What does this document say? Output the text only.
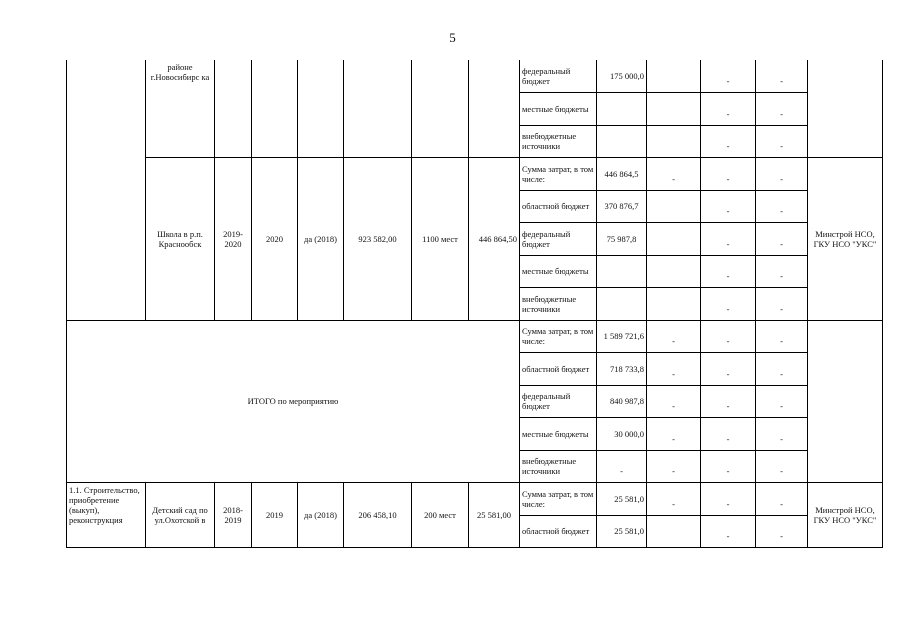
5
	районе г.Новосибирс ка							федеральный бюджет	175 000,0		-	-	
								местные бюджеты			-	-	
								внебюджетные источники			-	-	
	Школа в р.п. Краснообск	2019-2020	2020	да (2018)	923 582,00	1100 мест	446 864,50	Сумма затрат, в том числе:	446 864,5	-	-	-	Минстрой НСО, ГКУ НСО "УКС"
								областной бюджет	370 876,7		-	-	
								федеральный бюджет	75 987,8		-	-	
								местные бюджеты			-	-	
								внебюджетные источники			-	-	
ИТОГО по мероприятию								Сумма затрат, в том числе:	1 589 721,6	-	-	-	
								областной бюджет	718 733,8	-	-	-	
								федеральный бюджет	840 987,8	-	-	-	
								местные бюджеты	30 000,0	-	-	-	
								внебюджетные источники	-	-	-	-	
1.1. Строительство, приобретение (выкуп), реконструкция	Детский сад по ул.Охотской в	2018-2019	2019	да (2018)	206 458,10	200 мест	25 581,00	Сумма затрат, в том числе:	25 581,0	-	-	-	Минстрой НСО, ГКУ НСО "УКС"
								областной бюджет	25 581,0		-	-	
